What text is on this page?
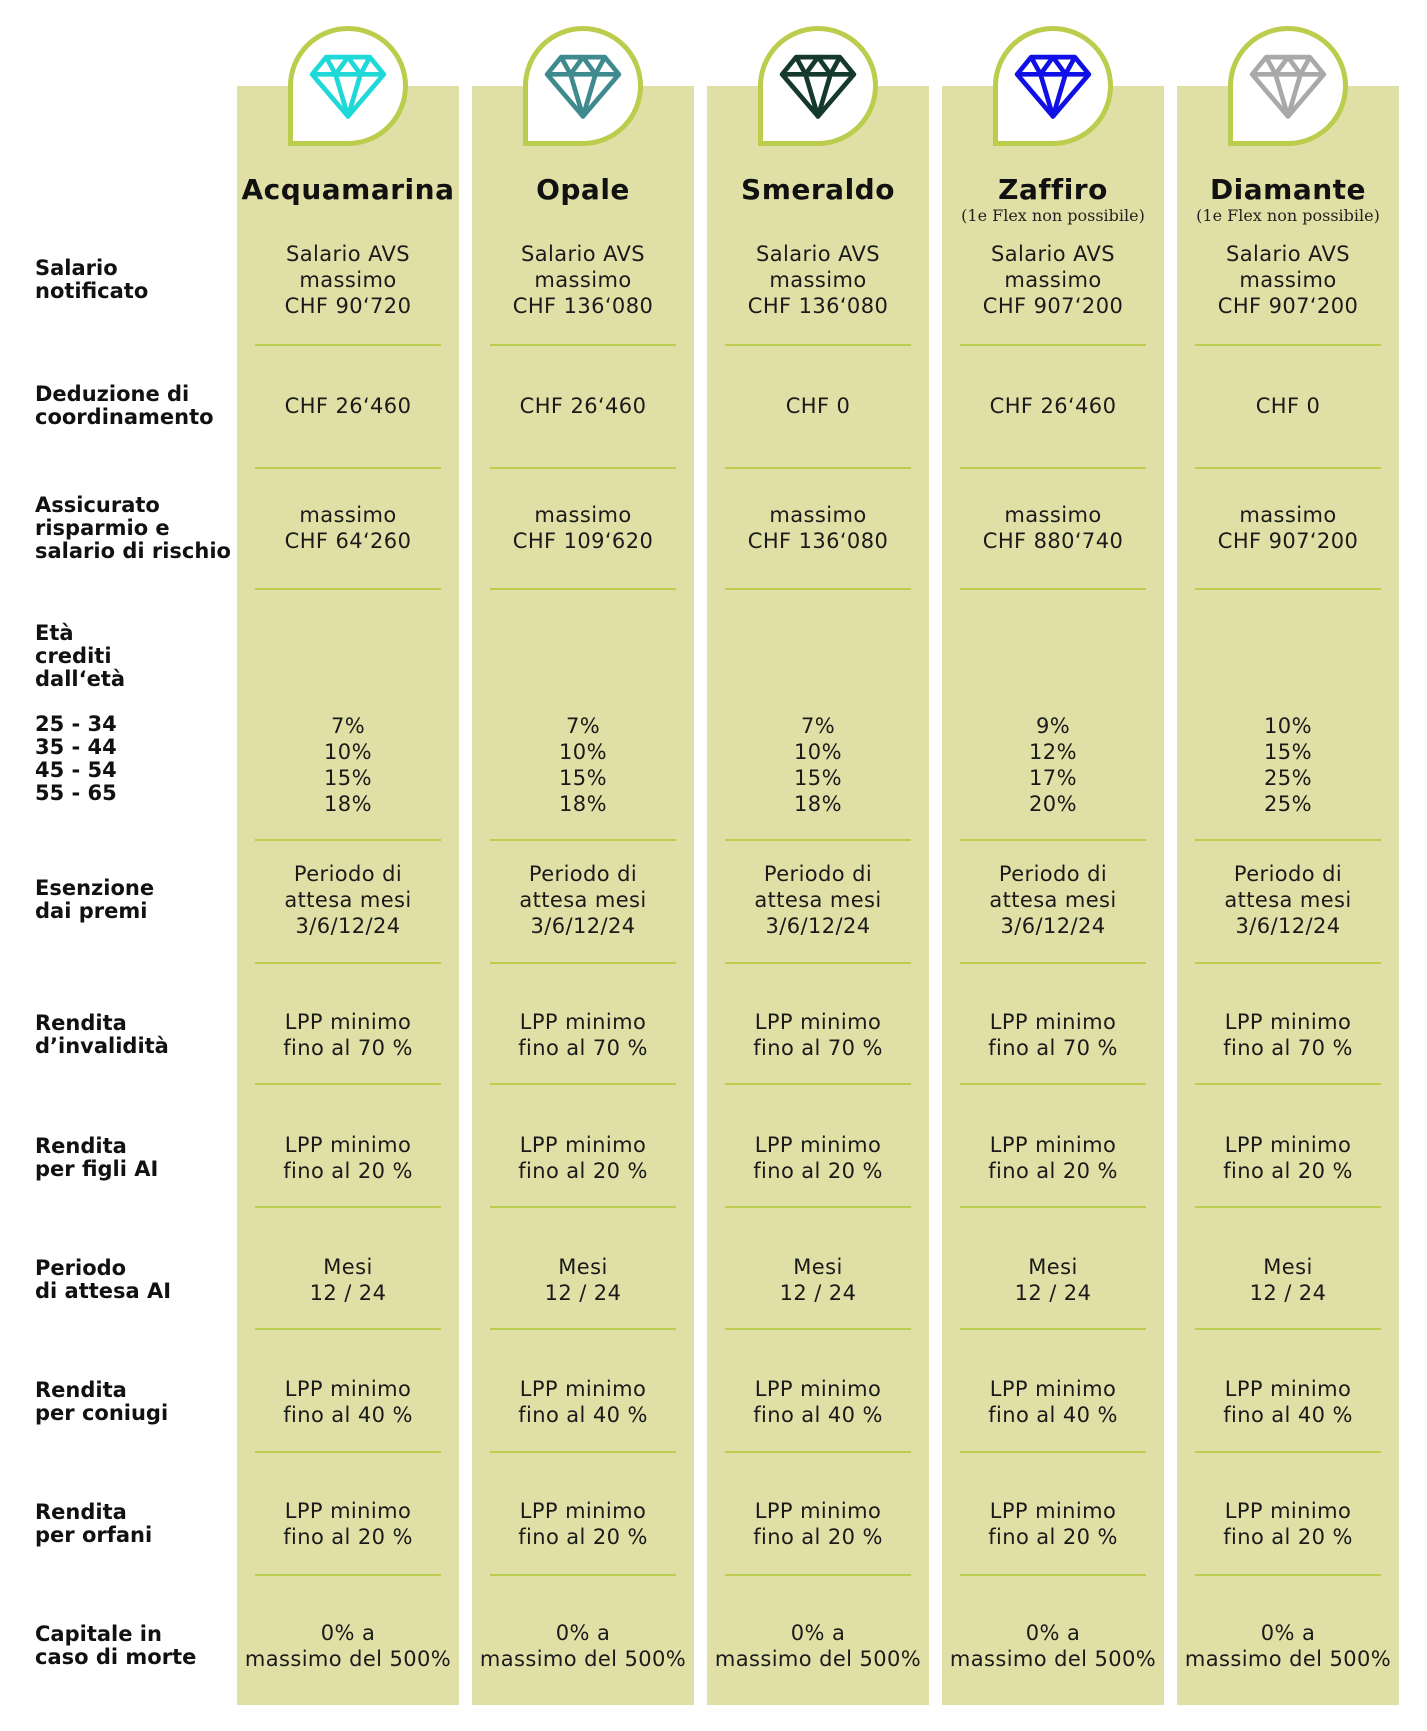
Salario
notificato
Deduzione di
coordinamento
Assicurato
risparmio e
salario di rischio
Età
crediti
dall‘età
25 - 34
35 - 44
45 - 54
55 - 65
Esenzione
dai premi
Rendita
d’invalidità
Rendita
per figli AI
Periodo
di attesa AI
Rendita
per coniugi
Rendita
per orfani
Capitale in
caso di morte
Acquamarina
Salario AVS
massimo
CHF 90‘720
CHF 26‘460
massimo
CHF 64‘260
7%
10%
15%
18%
Periodo di
attesa mesi
3/6/12/24
LPP minimo
fino al 70 %
LPP minimo
fino al 20 %
Mesi
12 / 24
LPP minimo
fino al 40 %
LPP minimo
fino al 20 %
0% a
massimo del 500%
Opale
Salario AVS
massimo
CHF 136‘080
CHF 26‘460
massimo
CHF 109‘620
7%
10%
15%
18%
Periodo di
attesa mesi
3/6/12/24
LPP minimo
fino al 70 %
LPP minimo
fino al 20 %
Mesi
12 / 24
LPP minimo
fino al 40 %
LPP minimo
fino al 20 %
0% a
massimo del 500%
Smeraldo
Salario AVS
massimo
CHF 136‘080
CHF 0
massimo
CHF 136‘080
7%
10%
15%
18%
Periodo di
attesa mesi
3/6/12/24
LPP minimo
fino al 70 %
LPP minimo
fino al 20 %
Mesi
12 / 24
LPP minimo
fino al 40 %
LPP minimo
fino al 20 %
0% a
massimo del 500%
Zaffiro
(1e Flex non possibile)
Salario AVS
massimo
CHF 907‘200
CHF 26‘460
massimo
CHF 880‘740
9%
12%
17%
20%
Periodo di
attesa mesi
3/6/12/24
LPP minimo
fino al 70 %
LPP minimo
fino al 20 %
Mesi
12 / 24
LPP minimo
fino al 40 %
LPP minimo
fino al 20 %
0% a
massimo del 500%
Diamante
(1e Flex non possibile)
Salario AVS
massimo
CHF 907‘200
CHF 0
massimo
CHF 907‘200
10%
15%
25%
25%
Periodo di
attesa mesi
3/6/12/24
LPP minimo
fino al 70 %
LPP minimo
fino al 20 %
Mesi
12 / 24
LPP minimo
fino al 40 %
LPP minimo
fino al 20 %
0% a
massimo del 500%
